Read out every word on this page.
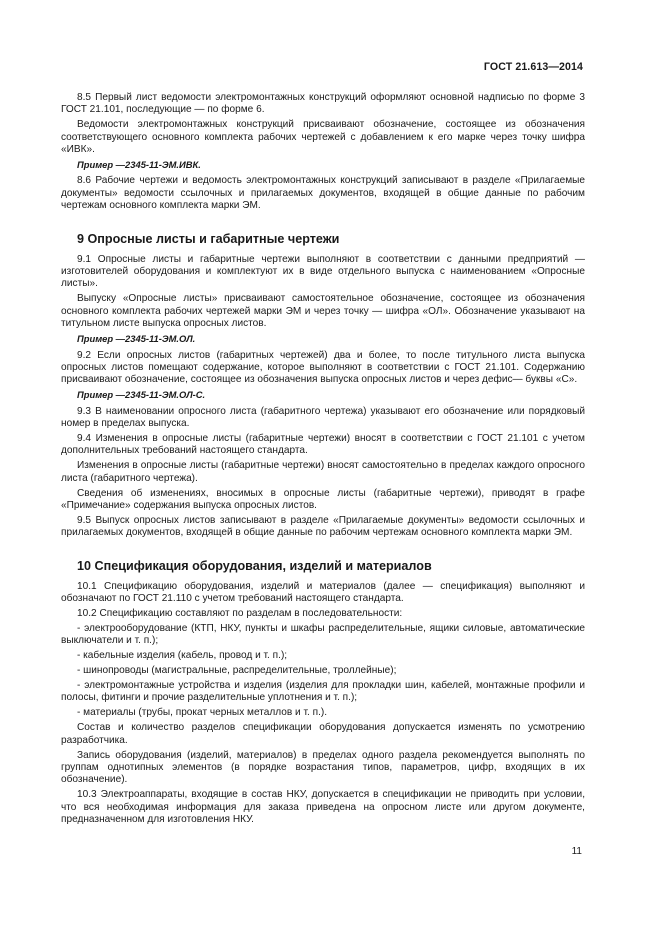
ГОСТ 21.613—2014
8.5 Первый лист ведомости электромонтажных конструкций оформляют основной надписью по форме 3 ГОСТ 21.101, последующие — по форме 6.
Ведомости электромонтажных конструкций присваивают обозначение, состоящее из обозначения соответствующего основного комплекта рабочих чертежей с добавлением к его марке через точку шифра «ИВК».
Пример —2345-11-ЭМ.ИВК.
8.6 Рабочие чертежи и ведомость электромонтажных конструкций записывают в разделе «Прилагаемые документы» ведомости ссылочных и прилагаемых документов, входящей в общие данные по рабочим чертежам основного комплекта марки ЭМ.
9 Опросные листы и габаритные чертежи
9.1 Опросные листы и габаритные чертежи выполняют в соответствии с данными предприятий — изготовителей оборудования и комплектуют их в виде отдельного выпуска с наименованием «Опросные листы».
Выпуску «Опросные листы» присваивают самостоятельное обозначение, состоящее из обозначения основного комплекта рабочих чертежей марки ЭМ и через точку — шифра «ОЛ». Обозначение указывают на титульном листе выпуска опросных листов.
Пример —2345-11-ЭМ.ОЛ.
9.2 Если опросных листов (габаритных чертежей) два и более, то после титульного листа выпуска опросных листов помещают содержание, которое выполняют в соответствии с ГОСТ 21.101. Содержанию присваивают обозначение, состоящее из обозначения выпуска опросных листов и через дефис— буквы «С».
Пример —2345-11-ЭМ.ОЛ-С.
9.3 В наименовании опросного листа (габаритного чертежа) указывают его обозначение или порядковый номер в пределах выпуска.
9.4 Изменения в опросные листы (габаритные чертежи) вносят в соответствии с ГОСТ 21.101 с учетом дополнительных требований настоящего стандарта.
Изменения в опросные листы (габаритные чертежи) вносят самостоятельно в пределах каждого опросного листа (габаритного чертежа).
Сведения об изменениях, вносимых в опросные листы (габаритные чертежи), приводят в графе «Примечание» содержания выпуска опросных листов.
9.5 Выпуск опросных листов записывают в разделе «Прилагаемые документы» ведомости ссылочных и прилагаемых документов, входящей в общие данные по рабочим чертежам основного комплекта марки ЭМ.
10 Спецификация оборудования, изделий и материалов
10.1 Спецификацию оборудования, изделий и материалов (далее — спецификация) выполняют и обозначают по ГОСТ 21.110 с учетом требований настоящего стандарта.
10.2 Спецификацию составляют по разделам в последовательности:
- электрооборудование (КТП, НКУ, пункты и шкафы распределительные, ящики силовые, автоматические выключатели и т. п.);
- кабельные изделия (кабель, провод и т. п.);
- шинопроводы (магистральные, распределительные, троллейные);
- электромонтажные устройства и изделия (изделия для прокладки шин, кабелей, монтажные профили и полосы, фитинги и прочие разделительные уплотнения и т. п.);
- материалы (трубы, прокат черных металлов и т. п.).
Состав и количество разделов спецификации оборудования допускается изменять по усмотрению разработчика.
Запись оборудования (изделий, материалов) в пределах одного раздела рекомендуется выполнять по группам однотипных элементов (в порядке возрастания типов, параметров, цифр, входящих в их обозначение).
10.3 Электроаппараты, входящие в состав НКУ, допускается в спецификации не приводить при условии, что вся необходимая информация для заказа приведена на опросном листе или другом документе, предназначенном для изготовления НКУ.
11
